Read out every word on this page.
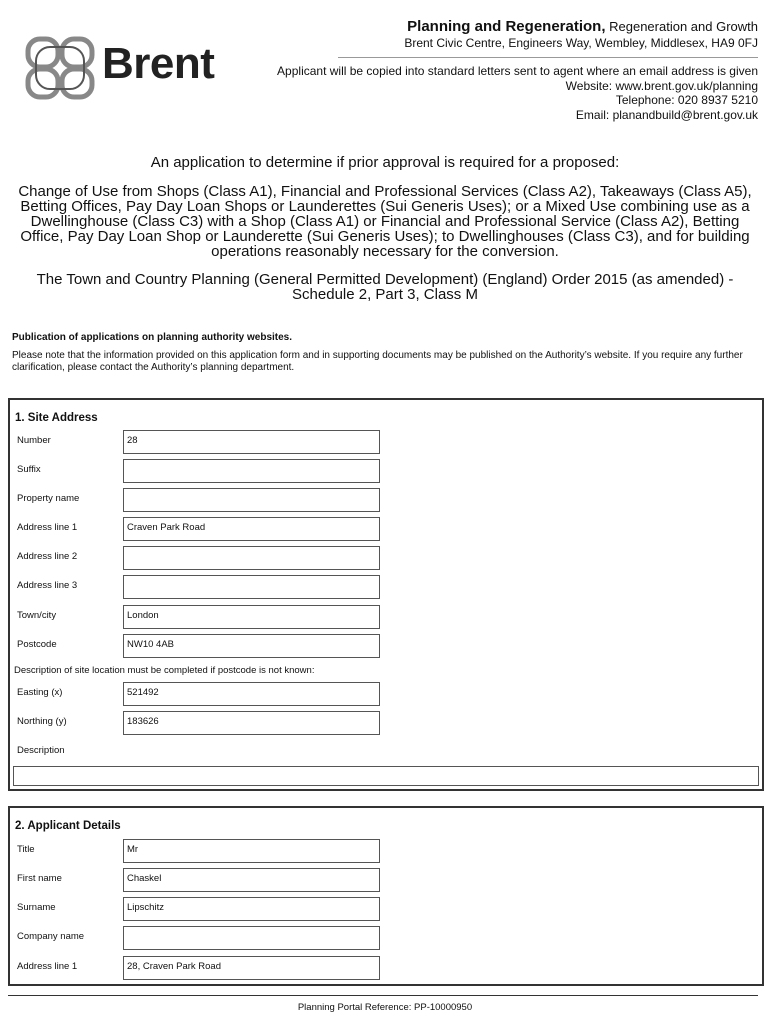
Brent
Planning and Regeneration, Regeneration and Growth
Brent Civic Centre, Engineers Way, Wembley, Middlesex, HA9 0FJ
Applicant will be copied into standard letters sent to agent where an email address is given
Website: www.brent.gov.uk/planning
Telephone: 020 8937 5210
Email: planandbuild@brent.gov.uk
An application to determine if prior approval is required for a proposed:
Change of Use from Shops (Class A1), Financial and Professional Services (Class A2), Takeaways (Class A5), Betting Offices, Pay Day Loan Shops or Launderettes (Sui Generis Uses); or a Mixed Use combining use as a Dwellinghouse (Class C3) with a Shop (Class A1) or Financial and Professional Service (Class A2), Betting Office, Pay Day Loan Shop or Launderette (Sui Generis Uses); to Dwellinghouses (Class C3), and for building operations reasonably necessary for the conversion.
The Town and Country Planning (General Permitted Development) (England) Order 2015 (as amended) - Schedule 2, Part 3, Class M
Publication of applications on planning authority websites.
Please note that the information provided on this application form and in supporting documents may be published on the Authority’s website. If you require any further clarification, please contact the Authority’s planning department.
1. Site Address
Number	28
Suffix
Property name
Address line 1	Craven Park Road
Address line 2
Address line 3
Town/city	London
Postcode	NW10 4AB
Description of site location must be completed if postcode is not known:
Easting (x)	521492
Northing (y)	183626
Description
2. Applicant Details
Title	Mr
First name	Chaskel
Surname	Lipschitz
Company name
Address line 1	28, Craven Park Road
Planning Portal Reference: PP-10000950
